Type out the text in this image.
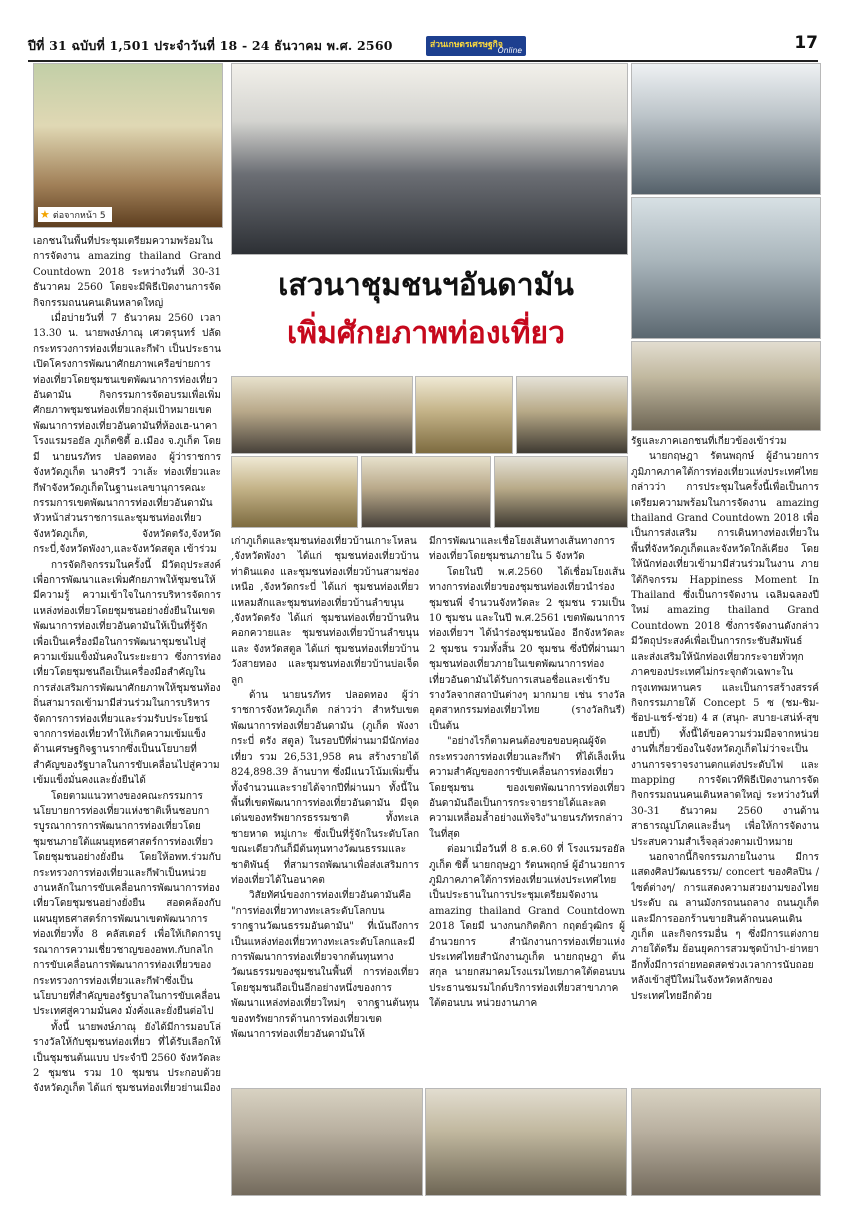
ปีที่ 31 ฉบับที่ 1,501 ประจำวันที่ 18 - 24 ธันวาคม พ.ศ. 2560	ส่วนเกษตรเศรษฐกิจ
Online	17
★ ต่อจากหน้า 5
เสวนาชุมชนฯอันดามัน
เพิ่มศักยภาพท่องเที่ยว

เอกชนในพื้นที่ประชุมเตรียมความพร้อมในการจัดงาน amazing thailand Grand Countdown 2018 ระหว่างวันที่ 30-31 ธันวาคม 2560 โดยจะมีพิธีเปิดงานการจัดกิจกรรมถนนคนเดินหลาดใหญ่

เมื่อบ่ายวันที่ 7 ธันวาคม 2560 เวลา 13.30 น. นายพงษ์ภาณุ เศวตรุนทร์ ปลัดกระทรวงการท่องเที่ยวและกีฬา เป็นประธานเปิดโครงการพัฒนาศักยภาพเครือข่ายการท่องเที่ยวโดยชุมชนเขตพัฒนาการท่องเที่ยวอันดามัน กิจกรรมการจัดอบรมเพื่อเพิ่มศักยภาพชุมชนท่องเที่ยวกลุ่มเป้าหมายเขตพัฒนาการท่องเที่ยวอันดามันที่ห้องเฮ-นาคา โรงแรมรอยัล ภูเก็ตซิตี้ อ.เมือง จ.ภูเก็ต โดยมี นายนรภัทร ปลอดทอง ผู้ว่าราชการจังหวัดภูเก็ต นางศิรวี วาเล้ะ ท่องเที่ยวและกีฬาจังหวัดภูเก็ตในฐานะเลขานุการคณะกรรมการเขตพัฒนาการท่องเที่ยวอันดามัน หัวหน้าส่วนราชการและชุมชนท่องเที่ยวจังหวัดภูเก็ต, จังหวัดตรัง,จังหวัดกระบี่,จังหวัดพังงา,และจังหวัดสตูล เข้าร่วม

การจัดกิจกรรมในครั้งนี้ มีวัตถุประสงค์เพื่อการพัฒนาและเพิ่มศักยภาพให้ชุมชนให้มีความรู้ ความเข้าใจในการบริหารจัดการแหล่งท่องเที่ยวโดยชุมชนอย่างยั่งยืนในเขตพัฒนาการท่องเที่ยวอันดามันให้เป็นที่รู้จัก เพื่อเป็นเครื่องมือในการพัฒนาชุมชนไปสู่ความเข้มแข็งมั่นคงในระยะยาว ซึ่งการท่องเที่ยวโดยชุมชนถือเป็นเครื่องมือสำคัญในการส่งเสริมการพัฒนาศักยภาพให้ชุมชนท้องถิ่นสามารถเข้ามามีส่วนร่วมในการบริหารจัดการการท่องเที่ยวและร่วมรับประโยชน์จากการท่องเที่ยวทำให้เกิดความเข้มแข็งด้านเศรษฐกิจฐานรากซึ่งเป็นนโยบายที่สำคัญของรัฐบาลในการขับเคลื่อนไปสู่ความเข้มแข็งมั่นคงและยั่งยืนได้

โดยตามแนวทางของคณะกรรมการนโยบายการท่องเที่ยวแห่งชาติเห็นชอบการบูรณาการการพัฒนาการท่องเที่ยวโดยชุมชนภายใต้แผนยุทธศาสตร์การท่องเที่ยวโดยชุมชนอย่างยั่งยืน โดยให้อพท.ร่วมกับกระทรวงการท่องเที่ยวและกีฬาเป็นหน่วยงานหลักในการขับเคลื่อนการพัฒนาการท่องเที่ยวโดยชุมชนอย่างยั่งยืน สอดคล้องกับแผนยุทธศาสตร์การพัฒนาเขตพัฒนาการท่องเที่ยวทั้ง 8 คลัสเตอร์ เพื่อให้เกิดการบูรณาการความเชี่ยวชาญของอพท.กับกลไกการขับเคลื่อนการพัฒนาการท่องเที่ยวของกระทรวงการท่องเที่ยวและกีฬาซึ่งเป็นนโยบายที่สำคัญของรัฐบาลในการขับเคลื่อนประเทศสู่ความมั่นคง มั่งคั่งและยั่งยืนต่อไป

ทั้งนี้ นายพงษ์ภาณุ ยังได้มีการมอบโล่รางวัลให้กับชุมชนท่องเที่ยว ที่ได้รับเลือกให้เป็นชุมชนต้นแบบ ประจำปี 2560 จังหวัดละ 2 ชุมชน รวม 10 ชุมชน ประกอบด้วย จังหวัดภูเก็ต ได้แก่ ชุมชนท่องเที่ยวย่านเมือง

เก่าภูเก็ตและชุมชนท่องเที่ยวบ้านเกาะโหลน ,จังหวัดพังงา ได้แก่ ชุมชนท่องเที่ยวบ้านท่าดินแดง และชุมชนท่องเที่ยวบ้านสามช่องเหนือ ,จังหวัดกระบี่ ได้แก่ ชุมชนท่องเที่ยวแหลมสักและชุมชนท่องเที่ยวบ้านลำขนุน ,จังหวัดตรัง ได้แก่ ชุมชนท่องเที่ยวบ้านหินคอกควายและ ชุมชนท่องเที่ยวบ้านลำขนุน และ จังหวัดสตูล ได้แก่ ชุมชนท่องเที่ยวบ้านวังสายทอง และชุมชนท่องเที่ยวบ้านบ่อเจ็ดลูก

ด้าน นายนรภัทร ปลอดทอง ผู้ว่าราชการจังหวัดภูเก็ต กล่าวว่า สำหรับเขตพัฒนาการท่องเที่ยวอันดามัน (ภูเก็ต พังงา กระบี่ ตรัง สตูล) ในรอบปีที่ผ่านมามีนักท่องเที่ยว รวม 26,531,958 คน สร้างรายได้ 824,898.39 ล้านบาท ซึ่งมีแนวโน้มเพิ่มขึ้นทั้งจำนวนและรายได้จากปีที่ผ่านมา ทั้งนี้ในพื้นที่เขตพัฒนาการท่องเที่ยวอันดามัน มีจุดเด่นของทรัพยากรธรรมชาติ ทั้งทะเล ชายหาด หมู่เกาะ ซึ่งเป็นที่รู้จักในระดับโลก ขณะเดียวกันก็มีต้นทุนทางวัฒนธรรมและชาติพันธุ์ ที่สามารถพัฒนาเพื่อส่งเสริมการท่องเที่ยวได้ในอนาคต

วิสัยทัศน์ของการท่องเที่ยวอันดามันคือ "การท่องเที่ยวทางทะเลระดับโลกบนรากฐานวัฒนธรรมอันดามัน" ที่เน้นถึงการเป็นแหล่งท่องเที่ยวทางทะเลระดับโลกและมีการพัฒนาการท่องเที่ยวจากต้นทุนทางวัฒนธรรมของชุมชนในพื้นที่ การท่องเที่ยวโดยชุมชนถือเป็นอีกอย่างหนึ่งของการพัฒนาแหล่งท่องเที่ยวใหม่ๆ จากฐานต้นทุนของทรัพยากรด้านการท่องเที่ยวเขตพัฒนาการท่องเที่ยวอันดามันให้

มีการพัฒนาและเชื่อโยงเส้นทางเส้นทางการท่องเที่ยวโดยชุมชนภายใน 5 จังหวัด

โดยในปี พ.ศ.2560 ได้เชื่อมโยงเส้นทางการท่องเที่ยวของชุมชนท่องเที่ยวนำร่องชุมชนพี่ จำนวนจังหวัดละ 2 ชุมชน รวมเป็น 10 ชุมชน และในปี พ.ศ.2561 เขตพัฒนาการท่องเที่ยวฯ ได้นำร่องชุมชนน้อง อีกจังหวัดละ 2 ชุมชน รวมทั้งสิ้น 20 ชุมชน ซึ่งปีที่ผ่านมาชุมชนท่องเที่ยวภายในเขตพัฒนาการท่องเที่ยวอันดามันได้รับการเสนอชื่อและเข้ารับรางวัลจากสถาบันต่างๆ มากมาย เช่น รางวัลอุตสาหกรรมท่องเที่ยวไทย (รางวัลกินรี) เป็นต้น

"อย่างไรก็ตามคนต้องขอขอบคุณผู้จัดกระทรวงการท่องเที่ยวและกีฬา ที่ได้เล็งเห็นความสำคัญของการขับเคลื่อนการท่องเที่ยวโดยชุมชน ของเขตพัฒนาการท่องเที่ยวอันดามันถือเป็นการกระจายรายได้และลดความเหลื่อมล้ำอย่างแท้จริง"นายนรภัทรกล่าวในที่สุด

ต่อมาเมื่อวันที่ 8 ธ.ค.60 ที่ โรงแรมรอยัล ภูเก็ต ซิตี้ นายกฤษฎา รัตนพฤกษ์ ผู้อำนวยการภูมิภาคภาคใต้การท่องเที่ยวแห่งประเทศไทย เป็นประธานในการประชุมเตรียมจัดงาน amazing thailand Grand Countdown 2018 โดยมี นางกนกกิตติกา กฤตย์วุฒิกร ผู้อำนวยการ สำนักงานการท่องเที่ยวแห่งประเทศไทยสำนักงานภูเก็ต นายกฤษฎา ต้นสกุล นายกสมาคมโรงแรมไทยภาคใต้ตอนบน ประธานชมรมไกด์บริการท่องเที่ยวสาขาภาคใต้ตอนบน หน่วยงานภาค

รัฐและภาคเอกชนที่เกี่ยวข้องเข้าร่วม

นายกฤษฎา รัตนพฤกษ์ ผู้อำนวยการภูมิภาคภาคใต้การท่องเที่ยวแห่งประเทศไทย กล่าวว่า การประชุมในครั้งนี้เพื่อเป็นการเตรียมความพร้อมในการจัดงาน amazing thailand Grand Countdown 2018 เพื่อเป็นการส่งเสริม การเดินทางท่องเที่ยวในพื้นที่จังหวัดภูเก็ตและจังหวัดใกล้เคียง โดยให้นักท่องเที่ยวเข้ามามีส่วนร่วมในงาน ภายใต้กิจกรรม Happiness Moment In Thailand ซึ่งเป็นการจัดงาน เฉลิมฉลองปีใหม่ amazing thailand Grand Countdown 2018 ซึ่งการจัดงานดังกล่าวมีวัตถุประสงค์เพื่อเป็นการกระชับสัมพันธ์และส่งเสริมให้นักท่องเที่ยวกระจายทั่วทุกภาคของประเทศไม่กระจุกตัวเฉพาะในกรุงเทพมหานคร และเป็นการสร้างสรรค์กิจกรรมภายใต้ Concept 5 ซ (ชม-ชิม-ช้อป-แชร์-ช่วย) 4 ส (สนุก- สบาย-เสน่ห์-สุขแฮปปี้) ทั้งนี้ได้ขอความร่วมมือจากหน่วยงานที่เกี่ยวข้องในจังหวัดภูเก็ตไม่ว่าจะเป็นงานการจราจรงานตกแต่งประดับไฟ และ mapping การจัดเวทีพิธีเปิดงานการจัดกิจกรรมถนนคนเดินหลาดใหญ่ ระหว่างวันที่ 30-31 ธันวาคม 2560 งานด้านสาธารณูปโภคและอื่นๆ เพื่อให้การจัดงานประสบความสำเร็จลุล่วงตามเป้าหมาย

นอกจากนี้กิจกรรมภายในงาน มีการแสดงศิลปวัฒนธรรม/ concert ของศิลปิน / ไซต์ต่างๆ/ การแสดงความสวยงามของไทยประดับ ณ ลานมังกรถนนถลาง ถนนภูเก็ต และมีการออกร้านขายสินค้าถนนคนเดินภูเก็ต และกิจกรรมอื่น ๆ ซึ่งมีการแต่งกายภายใต้ดรีม ย้อนยุคการสวมชุดบ้าบ๋า-ย่าหยา อีกทั้งมีการถ่ายทอดสดช่วงเวลาการนับถอยหลังเข้าสู่ปีใหม่ในจังหวัดหลักของประเทศไทยอีกด้วย
